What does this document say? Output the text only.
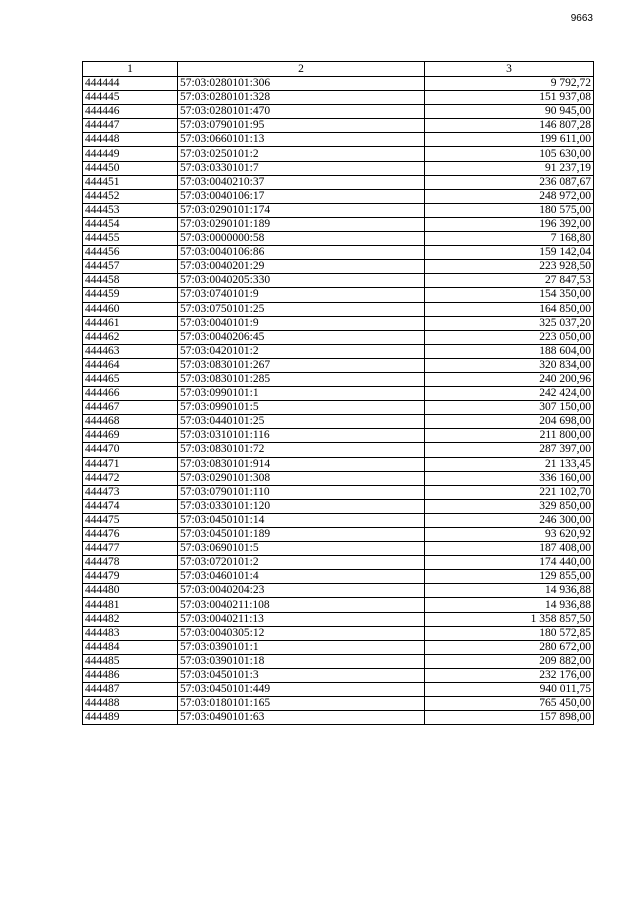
9663
1	2	3
444444	57:03:0280101:306	9 792,72
444445	57:03:0280101:328	151 937,08
444446	57:03:0280101:470	90 945,00
444447	57:03:0790101:95	146 807,28
444448	57:03:0660101:13	199 611,00
444449	57:03:0250101:2	105 630,00
444450	57:03:0330101:7	91 237,19
444451	57:03:0040210:37	236 087,67
444452	57:03:0040106:17	248 972,00
444453	57:03:0290101:174	180 575,00
444454	57:03:0290101:189	196 392,00
444455	57:03:0000000:58	7 168,80
444456	57:03:0040106:86	159 142,04
444457	57:03:0040201:29	223 928,50
444458	57:03:0040205:330	27 847,53
444459	57:03:0740101:9	154 350,00
444460	57:03:0750101:25	164 850,00
444461	57:03:0040101:9	325 037,20
444462	57:03:0040206:45	223 050,00
444463	57:03:0420101:2	188 604,00
444464	57:03:0830101:267	320 834,00
444465	57:03:0830101:285	240 200,96
444466	57:03:0990101:1	242 424,00
444467	57:03:0990101:5	307 150,00
444468	57:03:0440101:25	204 698,00
444469	57:03:0310101:116	211 800,00
444470	57:03:0830101:72	287 397,00
444471	57:03:0830101:914	21 133,45
444472	57:03:0290101:308	336 160,00
444473	57:03:0790101:110	221 102,70
444474	57:03:0330101:120	329 850,00
444475	57:03:0450101:14	246 300,00
444476	57:03:0450101:189	93 620,92
444477	57:03:0690101:5	187 408,00
444478	57:03:0720101:2	174 440,00
444479	57:03:0460101:4	129 855,00
444480	57:03:0040204:23	14 936,88
444481	57:03:0040211:108	14 936,88
444482	57:03:0040211:13	1 358 857,50
444483	57:03:0040305:12	180 572,85
444484	57:03:0390101:1	280 672,00
444485	57:03:0390101:18	209 882,00
444486	57:03:0450101:3	232 176,00
444487	57:03:0450101:449	940 011,75
444488	57:03:0180101:165	765 450,00
444489	57:03:0490101:63	157 898,00
